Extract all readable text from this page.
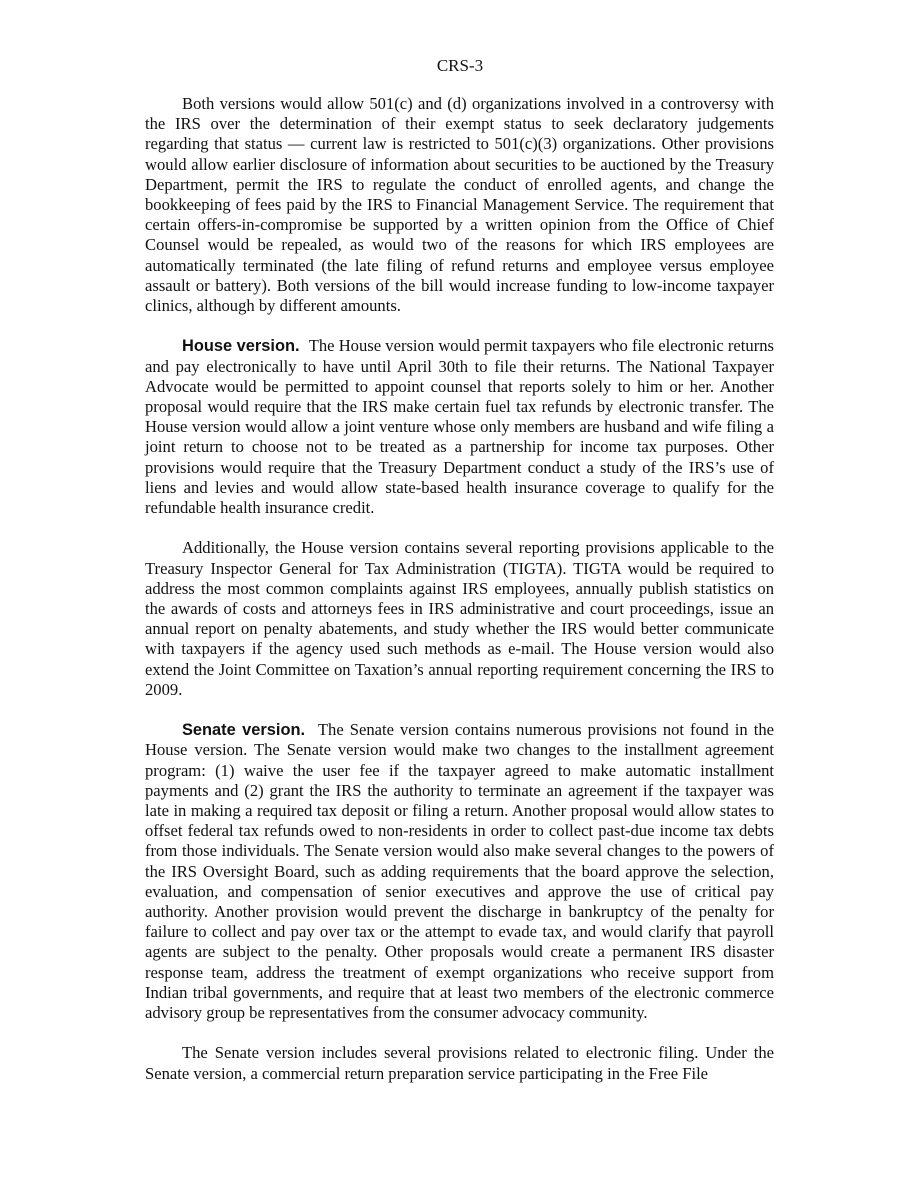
CRS-3

Both versions would allow 501(c) and (d) organizations involved in a controversy with the IRS over the determination of their exempt status to seek declaratory judgements regarding that status — current law is restricted to 501(c)(3) organizations. Other provisions would allow earlier disclosure of information about securities to be auctioned by the Treasury Department, permit the IRS to regulate the conduct of enrolled agents, and change the bookkeeping of fees paid by the IRS to Financial Management Service. The requirement that certain offers-in-compromise be supported by a written opinion from the Office of Chief Counsel would be repealed, as would two of the reasons for which IRS employees are automatically terminated (the late filing of refund returns and employee versus employee assault or battery). Both versions of the bill would increase funding to low-income taxpayer clinics, although by different amounts.

House version.  The House version would permit taxpayers who file electronic returns and pay electronically to have until April 30th to file their returns. The National Taxpayer Advocate would be permitted to appoint counsel that reports solely to him or her. Another proposal would require that the IRS make certain fuel tax refunds by electronic transfer. The House version would allow a joint venture whose only members are husband and wife filing a joint return to choose not to be treated as a partnership for income tax purposes. Other provisions would require that the Treasury Department conduct a study of the IRS’s use of liens and levies and would allow state-based health insurance coverage to qualify for the refundable health insurance credit.

Additionally, the House version contains several reporting provisions applicable to the Treasury Inspector General for Tax Administration (TIGTA). TIGTA would be required to address the most common complaints against IRS employees, annually publish statistics on the awards of costs and attorneys fees in IRS administrative and court proceedings, issue an annual report on penalty abatements, and study whether the IRS would better communicate with taxpayers if the agency used such methods as e-mail. The House version would also extend the Joint Committee on Taxation’s annual reporting requirement concerning the IRS to 2009.

Senate version.  The Senate version contains numerous provisions not found in the House version. The Senate version would make two changes to the installment agreement program: (1) waive the user fee if the taxpayer agreed to make automatic installment payments and (2) grant the IRS the authority to terminate an agreement if the taxpayer was late in making a required tax deposit or filing a return. Another proposal would allow states to offset federal tax refunds owed to non-residents in order to collect past-due income tax debts from those individuals. The Senate version would also make several changes to the powers of the IRS Oversight Board, such as adding requirements that the board approve the selection, evaluation, and compensation of senior executives and approve the use of critical pay authority. Another provision would prevent the discharge in bankruptcy of the penalty for failure to collect and pay over tax or the attempt to evade tax, and would clarify that payroll agents are subject to the penalty. Other proposals would create a permanent IRS disaster response team, address the treatment of exempt organizations who receive support from Indian tribal governments, and require that at least two members of the electronic commerce advisory group be representatives from the consumer advocacy community.

The Senate version includes several provisions related to electronic filing. Under the Senate version, a commercial return preparation service participating in the Free File
